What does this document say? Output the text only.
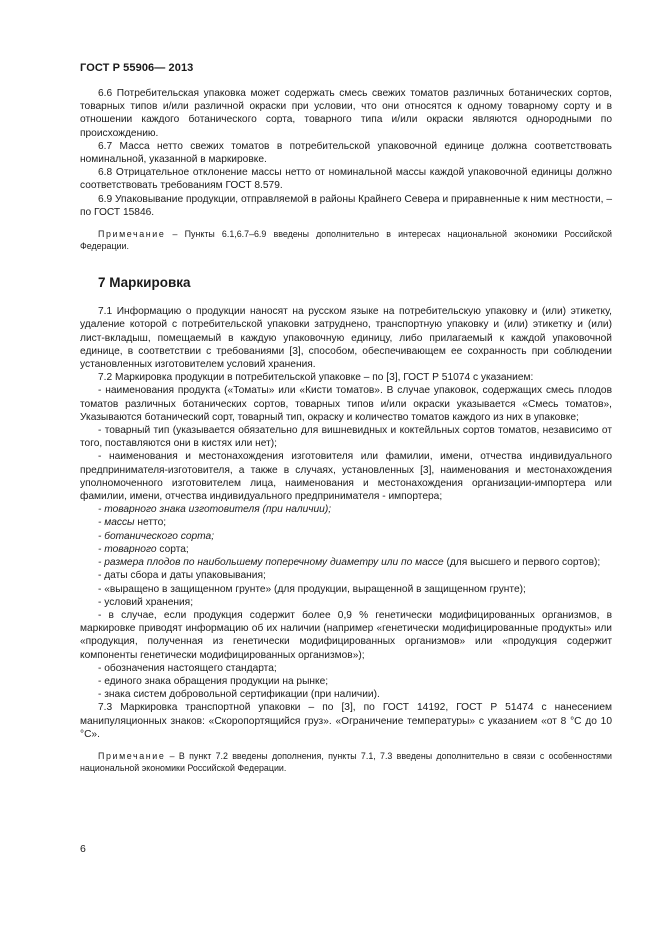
ГОСТ Р 55906— 2013

6.6 Потребительская упаковка может содержать смесь свежих томатов различных ботанических сортов, товарных типов и/или различной окраски при условии, что они относятся к одному товарному сорту и в отношении каждого ботанического сорта, товарного типа и/или окраски являются однородными по происхождению.

6.7 Масса нетто свежих томатов в потребительской упаковочной единице должна соответствовать номинальной, указанной в маркировке.

6.8 Отрицательное отклонение массы нетто от номинальной массы каждой упаковочной единицы должно соответствовать требованиям ГОСТ 8.579.

6.9 Упаковывание продукции, отправляемой в районы Крайнего Севера и приравненные к ним местности, – по ГОСТ 15846.

Примечание – Пункты 6.1,6.7–6.9 введены дополнительно в интересах национальной экономики Российской Федерации.

7 Маркировка

7.1 Информацию о продукции наносят на русском языке на потребительскую упаковку и (или) этикетку, удаление которой с потребительской упаковки затруднено, транспортную упаковку и (или) этикетку и (или) лист-вкладыш, помещаемый в каждую упаковочную единицу, либо прилагаемый к каждой упаковочной единице, в соответствии с требованиями [3], способом, обеспечивающем ее сохранность при соблюдении установленных изготовителем условий хранения.

7.2 Маркировка продукции в потребительской упаковке – по [3], ГОСТ Р 51074 с указанием:

- наименования продукта («Томаты» или «Кисти томатов». В случае упаковок, содержащих смесь плодов томатов различных ботанических сортов, товарных типов и/или окраски указывается «Смесь томатов», Указываются ботанический сорт, товарный тип, окраску и количество томатов каждого из них в упаковке;

- товарный тип (указывается обязательно для вишневидных и коктейльных сортов томатов, независимо от того, поставляются они в кистях или нет);

- наименования и местонахождения изготовителя или фамилии, имени, отчества индивидуального предпринимателя-изготовителя, а также в случаях, установленных [3], наименования и местонахождения уполномоченного изготовителем лица, наименования и местонахождения организации-импортера или фамилии, имени, отчества индивидуального предпринимателя - импортера;

- товарного знака изготовителя (при наличии);

- массы нетто;

- ботанического сорта;

- товарного сорта;

- размера плодов по наибольшему поперечному диаметру или по массе (для высшего и первого сортов);

- даты сбора и даты упаковывания;

- «выращено в защищенном грунте» (для продукции, выращенной в защищенном грунте);

- условий хранения;

- в случае, если продукция содержит более 0,9 % генетически модифицированных организмов, в маркировке приводят информацию об их наличии (например «генетически модифицированные продукты» или «продукция, полученная из генетически модифицированных организмов» или «продукция содержит компоненты генетически модифицированных организмов»);

- обозначения настоящего стандарта;

- единого знака обращения продукции на рынке;

- знака систем добровольной сертификации (при наличии).

7.3 Маркировка транспортной упаковки – по [3], по ГОСТ 14192, ГОСТ Р 51474 с нанесением манипуляционных знаков: «Скоропортящийся груз». «Ограничение температуры» с указанием «от 8 °С до 10 °С».

Примечание – В пункт 7.2 введены дополнения, пункты 7.1, 7.3 введены дополнительно в связи с особенностями национальной экономики Российской Федерации.

6
